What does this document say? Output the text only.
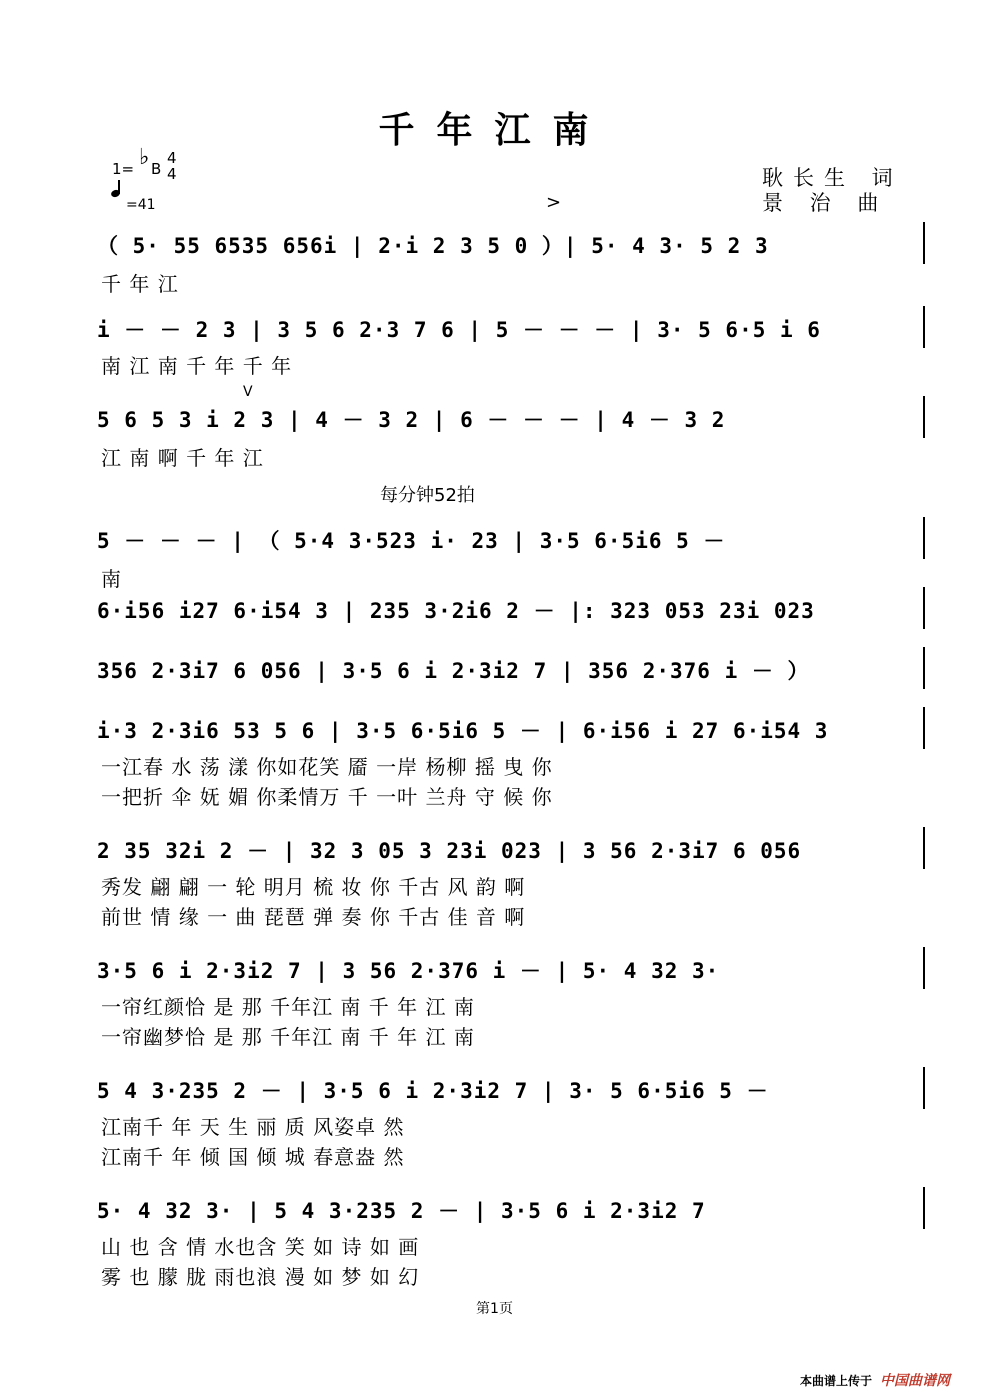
千年江南
1= ♭ B
4
4
=41
耿长生 词
景 治 曲
>
V
每分钟52拍
（ 5· 55 6535 656i | 2·i 2 3 5 0 ）| 5· 4 3· 5 2 3
千 年 江
i － － 2 3 | 3 5 6 2·3 7 6 | 5 － － － | 3· 5 6·5 i 6
南 江 南 千 年 千 年
5 6 5 3 i 2 3 | 4 － 3 2 | 6 － － － | 4 － 3 2
江 南 啊 千 年 江
5 － － － | （ 5·4 3·523 i· 23 | 3·5 6·5i6 5 －
南
6·i56 i27 6·i54 3 | 235 3·2i6 2 － |: 323 053 23i 023
356 2·3i7 6 056 | 3·5 6 i 2·3i2 7 | 356 2·376 i － ）
i·3 2·3i6 53 5 6 | 3·5 6·5i6 5 － | 6·i56 i 27 6·i54 3
一江春 水 荡 漾 你如花笑 靥 一岸 杨柳 摇 曳 你
一把折 伞 妩 媚 你柔情万 千 一叶 兰舟 守 候 你
2 35 32i 2 － | 32 3 05 3 23i 023 | 3 56 2·3i7 6 056
秀发 翩 翩 一 轮 明月 梳 妆 你 千古 风 韵 啊
前世 情 缘 一 曲 琵琶 弹 奏 你 千古 佳 音 啊
3·5 6 i 2·3i2 7 | 3 56 2·376 i － | 5· 4 32 3·
一帘红颜恰 是 那 千年江 南 千 年 江 南
一帘幽梦恰 是 那 千年江 南 千 年 江 南
5 4 3·235 2 － | 3·5 6 i 2·3i2 7 | 3· 5 6·5i6 5 －
江南千 年 天 生 丽 质 风姿卓 然
江南千 年 倾 国 倾 城 春意盎 然
5· 4 32 3· | 5 4 3·235 2 － | 3·5 6 i 2·3i2 7
山 也 含 情 水也含 笑 如 诗 如 画
雾 也 朦 胧 雨也浪 漫 如 梦 如 幻
第1页
本曲谱上传于 中国曲谱网
